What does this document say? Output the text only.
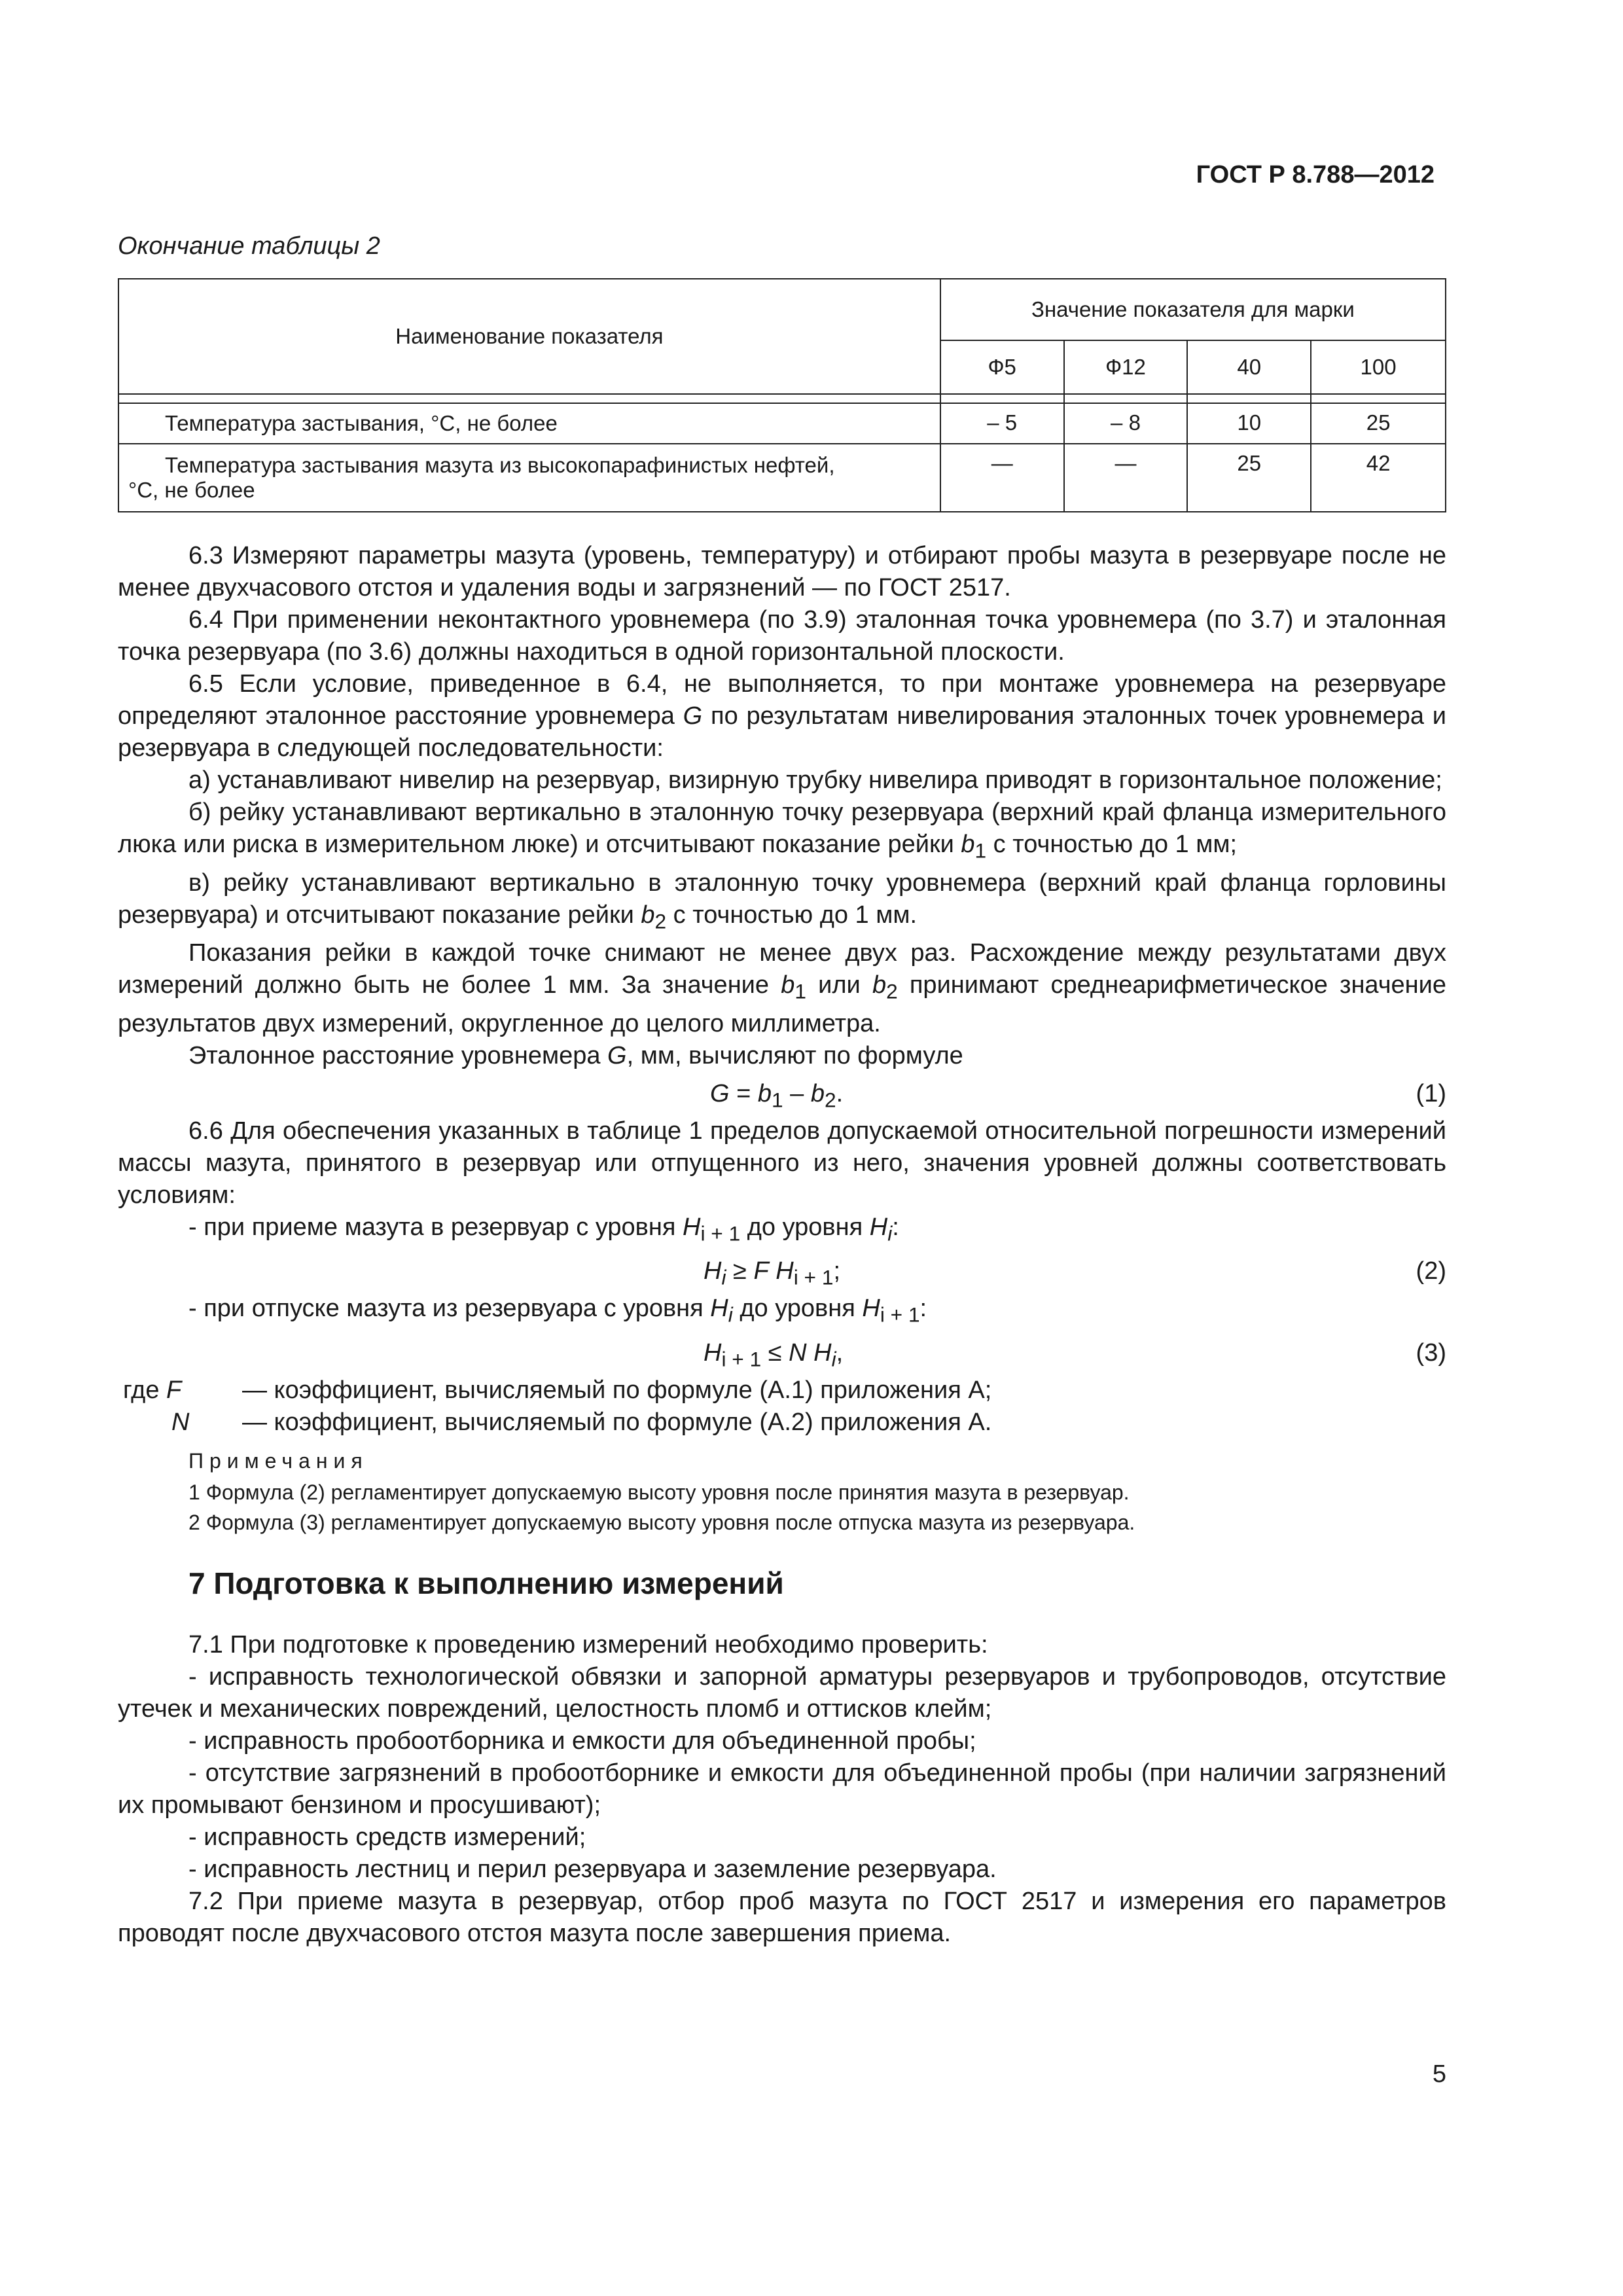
ГОСТ Р 8.788—2012
Окончание таблицы 2
Наименование показателя	Значение показателя для марки			
	Ф5	Ф12	40	100

Температура застывания, °С, не более	– 5	– 8	10	25

Температура застывания мазута из высокопарафинистых нефтей,
°С, не более	—	—	25	42

6.3 Измеряют параметры мазута (уровень, температуру) и отбирают пробы мазута в резервуаре после не менее двухчасового отстоя и удаления воды и загрязнений — по ГОСТ 2517.

6.4 При применении неконтактного уровнемера (по 3.9) эталонная точка уровнемера (по 3.7) и эталонная точка резервуара (по 3.6) должны находиться в одной горизонтальной плоскости.

6.5 Если условие, приведенное в 6.4, не выполняется, то при монтаже уровнемера на резервуаре определяют эталонное расстояние уровнемера G по результатам нивелирования эталонных точек уровнемера и резервуара в следующей последовательности:

а) устанавливают нивелир на резервуар, визирную трубку нивелира приводят в горизонтальное положение;

б) рейку устанавливают вертикально в эталонную точку резервуара (верхний край фланца измерительного люка или риска в измерительном люке) и отсчитывают показание рейки $b_1$ с точностью до 1 мм;

в) рейку устанавливают вертикально в эталонную точку уровнемера (верхний край фланца горловины резервуара) и отсчитывают показание рейки $b_2$ с точностью до 1 мм.

Показания рейки в каждой точке снимают не менее двух раз. Расхождение между результатами двух измерений должно быть не более 1 мм. За значение $b_1$ или $b_2$ принимают среднеарифметическое значение результатов двух измерений, округленное до целого миллиметра.

Эталонное расстояние уровнемера G, мм, вычисляют по формуле

$G = b_1 - b_2$.	(1)

6.6 Для обеспечения указанных в таблице 1 пределов допускаемой относительной погрешности измерений массы мазута, принятого в резервуар или отпущенного из него, значения уровней должны соответствовать условиям:

- при приеме мазута в резервуар с уровня $H_{i + 1}$ до уровня $H_i$:
$H_i \ge F$ $H_{i + 1}$;	(2)
- при отпуске мазута из резервуара с уровня $H_i$ до уровня $H_{i + 1}$:
$H_{i + 1} \le N$ $H_i$,	(3)
где F — коэффициент, вычисляемый по формуле (А.1) приложения А;
N — коэффициент, вычисляемый по формуле (А.2) приложения А.
Примечания
1 Формула (2) регламентирует допускаемую высоту уровня после принятия мазута в резервуар.
2 Формула (3) регламентирует допускаемую высоту уровня после отпуска мазута из резервуара.
7 Подготовка к выполнению измерений

7.1 При подготовке к проведению измерений необходимо проверить:

- исправность технологической обвязки и запорной арматуры резервуаров и трубопроводов, отсутствие утечек и механических повреждений, целостность пломб и оттисков клейм;

- исправность пробоотборника и емкости для объединенной пробы;

- отсутствие загрязнений в пробоотборнике и емкости для объединенной пробы (при наличии загрязнений их промывают бензином и просушивают);

- исправность средств измерений;

- исправность лестниц и перил резервуара и заземление резервуара.

7.2 При приеме мазута в резервуар, отбор проб мазута по ГОСТ 2517 и измерения его параметров проводят после двухчасового отстоя мазута после завершения приема.

5
